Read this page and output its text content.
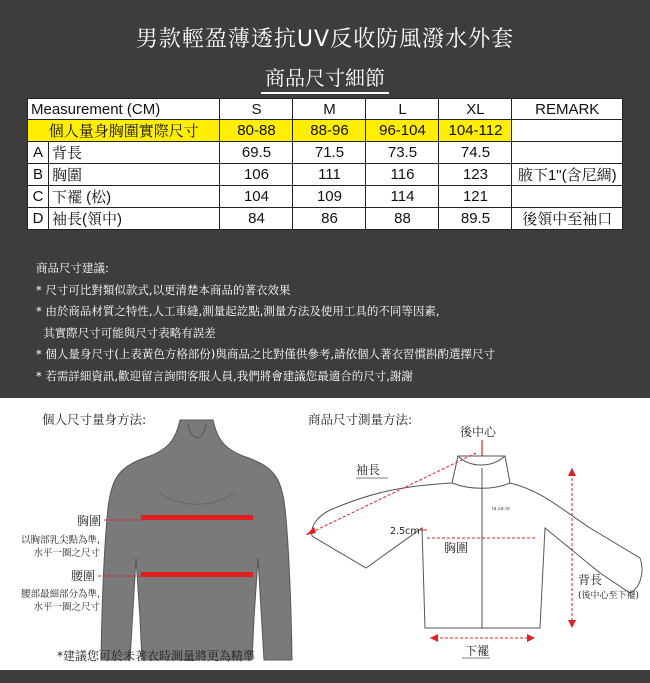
男款輕盈薄透抗UV反收防風潑水外套
商品尺寸細節
Measurement (CM)		S	M	L	XL	REMARK
個人量身胸圍實際尺寸		80-88	88-96	96-104	104-112	
A	背長	69.5	71.5	73.5	74.5	
B	胸圍	106	111	116	123	腋下1"(含尼綢)
C	下襬 (松)	104	109	114	121	
D	袖長(領中)	84	86	88	89.5	後領中至袖口
商品尺寸建議:
* 尺寸可比對類似款式,以更清楚本商品的著衣效果
* 由於商品材質之特性,人工車縫,測量起訖點,測量方法及使用工具的不同等因素,
其實際尺寸可能與尺寸表略有誤差
* 個人量身尺寸(上表黃色方格部份)與商品之比對僅供參考,請依個人著衣習慣斟酌選擇尺寸
* 若需詳細資訊,歡迎留言詢問客服人員,我們將會建議您最適合的尺寸,謝謝
個人尺寸量身方法:
胸圍
以胸部乳尖點為準,
水平一圈之尺寸
腰圍
腰部最細部分為準,
水平一圈之尺寸
*建議您可於未著衣時測量將更為精準
商品尺寸測量方法:
後中心
la.sa.le
袖長
2.5cm
胸圍
下襬
背長
(後中心至下襬)
